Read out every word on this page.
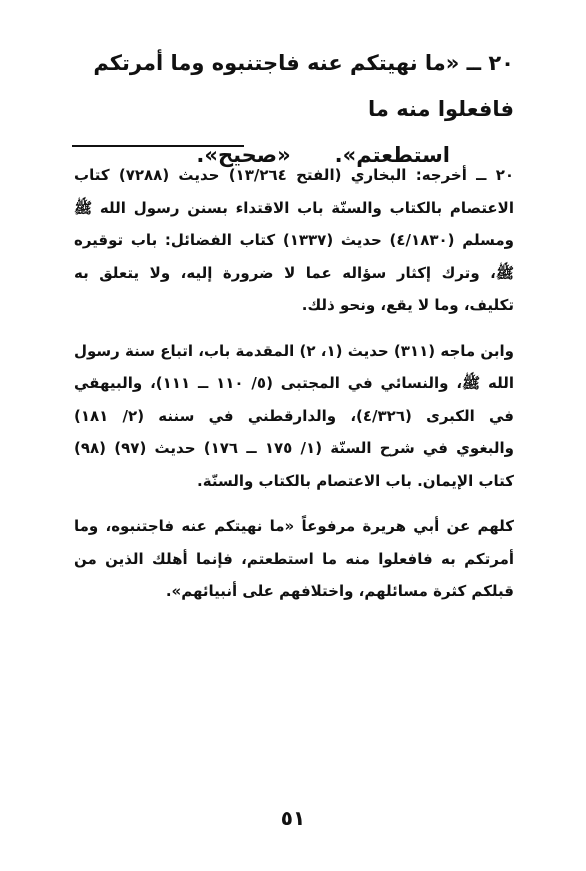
٢٠ ــ «ما نهيتكم عنه فاجتنبوه وما أمرتكم فافعلوا منه ما
استطعتم».«صحيح».

٢٠ ــ أخرجه: البخاري (الفتح ١٣/٢٦٤) حديث (٧٢٨٨) كتاب الاعتصام بالكتاب والسنّة باب الاقتداء بسنن رسول الله ﷺ ومسلم (٤/١٨٣٠) حديث (١٣٣٧) كتاب الفضائل: باب توقيره ﷺ، وترك إكثار سؤاله عما لا ضرورة إليه، ولا يتعلق به تكليف، وما لا يقع، ونحو ذلك.

وابن ماجه (٣١١) حديث (١، ٢) المقدمة باب، اتباع سنة رسول الله ﷺ، والنسائي في المجتبى (٥/ ١١٠ ــ ١١١)، والبيهقي في الكبرى (٤/٣٢٦)، والدارقطني في سننه (٢/ ١٨١) والبغوي في شرح السنّة (١/ ١٧٥ ــ ١٧٦) حديث (٩٧) (٩٨) كتاب الإيمان. باب الاعتصام بالكتاب والسنّة.

كلهم عن أبي هريرة مرفوعاً «ما نهيتكم عنه فاجتنبوه، وما أمرتكم به فافعلوا منه ما استطعتم، فإنما أهلك الذين من قبلكم كثرة مسائلهم، واختلافهم على أنبيائهم».

٥١
